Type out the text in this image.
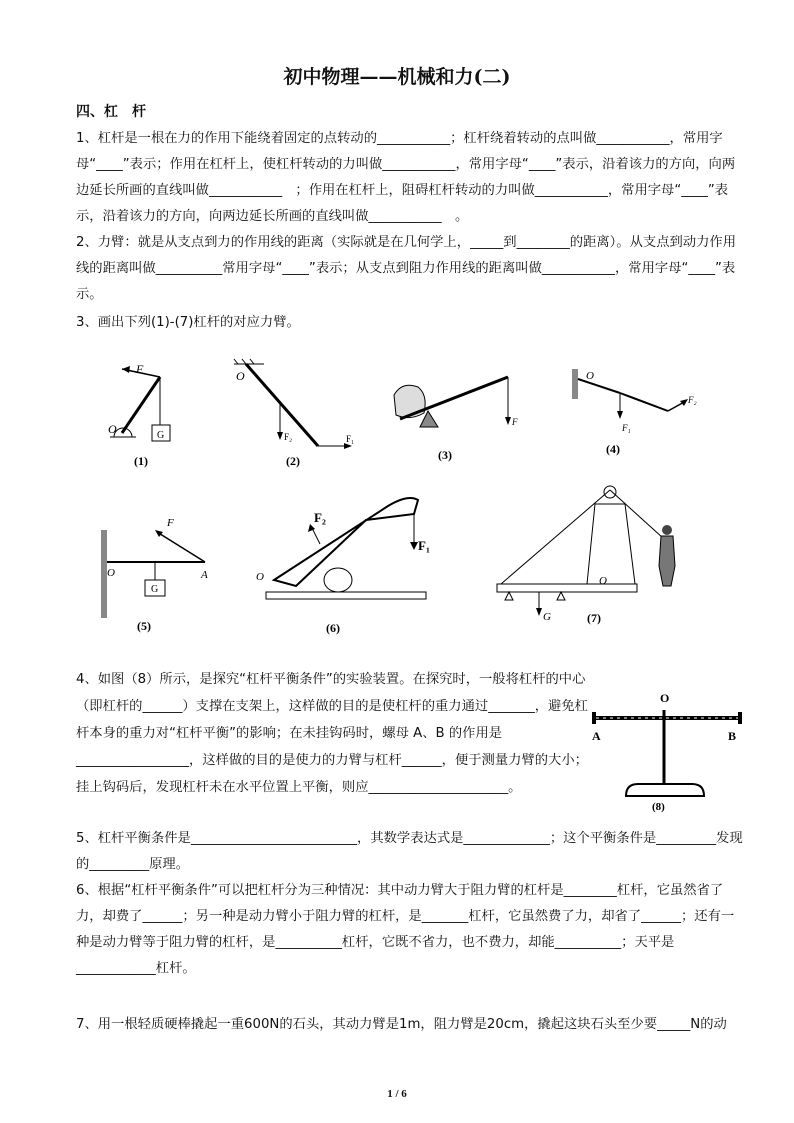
初中物理——机械和力(二)
四、杠　杆
1、杠杆是一根在力的作用下能绕着固定的点转动的___________；杠杆绕着转动的点叫做___________，常用字母“____”表示；作用在杠杆上，使杠杆转动的力叫做___________，常用字母“____”表示，沿着该力的方向，向两边延长所画的直线叫做___________　；作用在杠杆上，阻碍杠杆转动的力叫做___________，常用字母“____”表示，沿着该力的方向，向两边延长所画的直线叫做___________　。
2、力臂：就是从支点到力的作用线的距离（实际就是在几何学上，_____到________的距离）。从支点到动力作用线的距离叫做__________常用字母“____”表示；从支点到阻力作用线的距离叫做___________，常用字母“____”表示。
3、画出下列(1)-(7)杠杆的对应力臂。
F
O	G
(1)
O
F₂	F₁
(2)
F
(3)
O
F₂
F₁
(4)
F
O	A
G
(5)
F₂
F₁
O
(6)
O
G	(7)
4、如图（8）所示，是探究“杠杆平衡条件”的实验装置。在探究时，一般将杠杆的中心（即杠杆的______）支撑在支架上，这样做的目的是使杠杆的重力通过_______，避免杠杆本身的重力对“杠杆平衡”的影响；在未挂钩码时，螺母 A、B 的作用是_________________，这样做的目的是使力的力臂与杠杆______，便于测量力臂的大小；挂上钩码后，发现杠杆未在水平位置上平衡，则应_____________________。
O
A	B
(8)
5、杠杆平衡条件是_________________________，其数学表达式是_____________；这个平衡条件是_________发现的_________原理。
6、根据“杠杆平衡条件”可以把杠杆分为三种情况：其中动力臂大于阻力臂的杠杆是________杠杆，它虽然省了力，却费了______；另一种是动力臂小于阻力臂的杠杆，是_______杠杆，它虽然费了力，却省了______；还有一种是动力臂等于阻力臂的杠杆，是__________杠杆，它既不省力，也不费力，却能__________；天平是____________杠杆。
7、用一根轻质硬棒撬起一重600N的石头，其动力臂是1m，阻力臂是20cm，撬起这块石头至少要_____N的动
1 / 6
